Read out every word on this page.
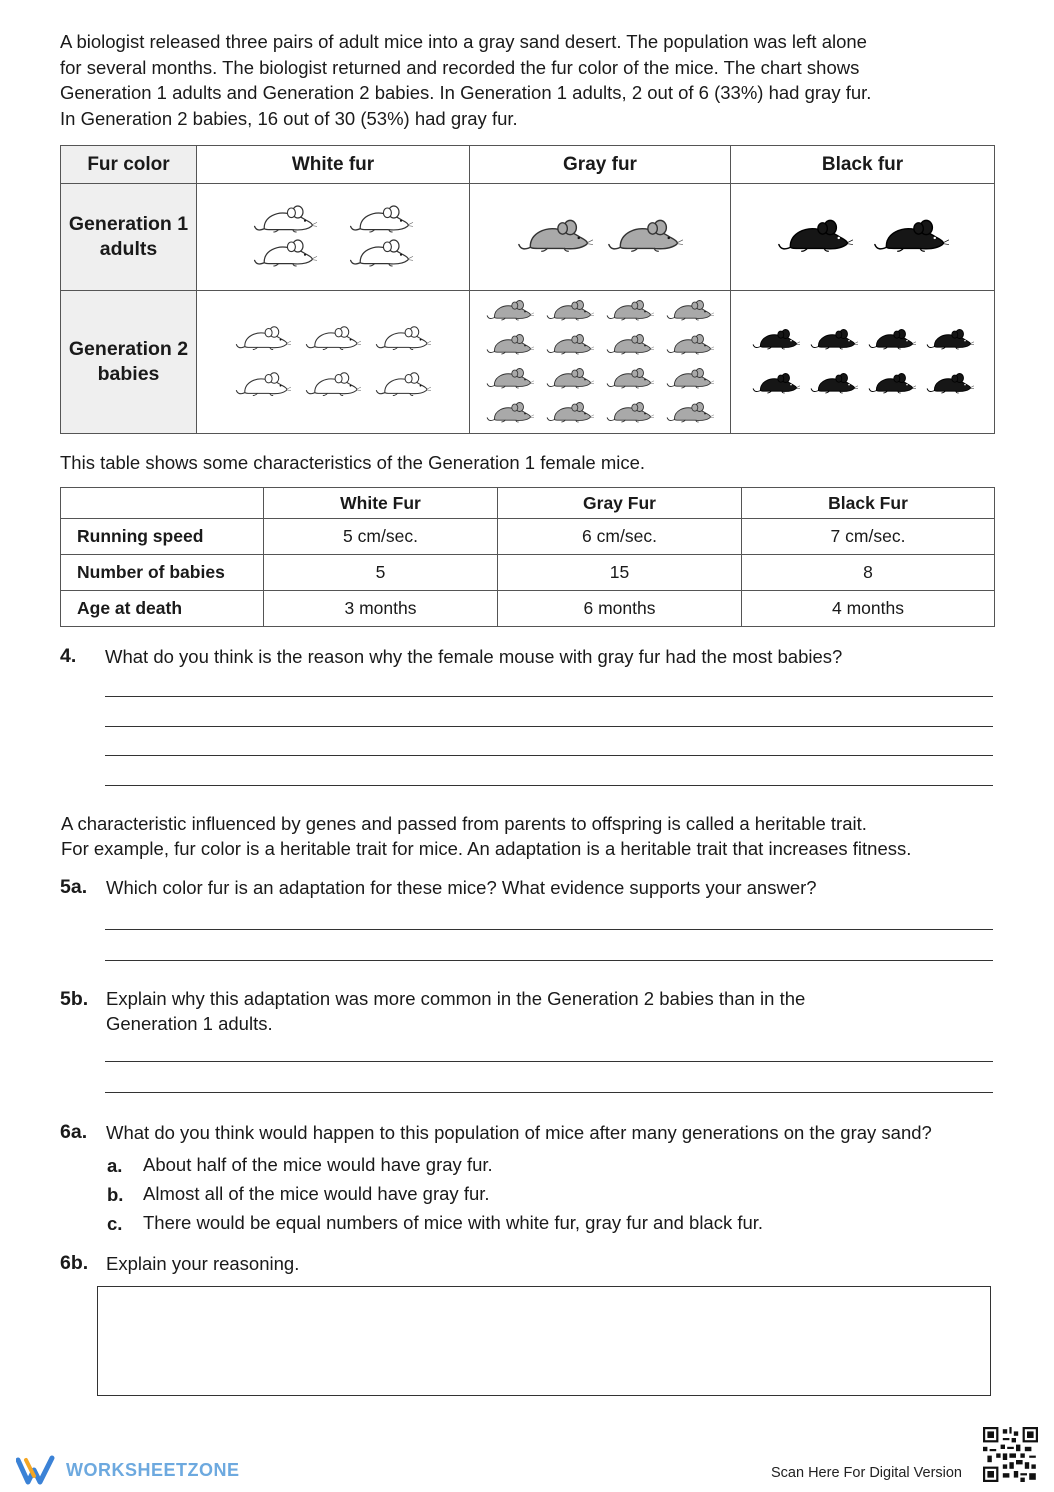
A biologist released three pairs of adult mice into a gray sand desert. The population was left alone
for several months. The biologist returned and recorded the fur color of the mice. The chart shows
Generation 1 adults and Generation 2 babies. In Generation 1 adults, 2 out of 6 (33%) had gray fur.
In Generation 2 babies, 16 out of 30 (53%) had gray fur.
Fur color	White fur	Gray fur	Black fur

Generation 1
adults

Generation 2
babies

This table shows some characteristics of the Generation 1 female mice.
	White Fur	Gray Fur	Black Fur
Running speed	5 cm/sec.	6 cm/sec.	7 cm/sec.
Number of babies	5	15	8
Age at death	3 months	6 months	4 months
4. What do you think is the reason why the female mouse with gray fur had the most babies?
A characteristic influenced by genes and passed from parents to offspring is called a heritable trait.
For example, fur color is a heritable trait for mice. An adaptation is a heritable trait that increases fitness.
5a. Which color fur is an adaptation for these mice? What evidence supports your answer?
5b. Explain why this adaptation was more common in the Generation 2 babies than in the
Generation 1 adults.
6a. What do you think would happen to this population of mice after many generations on the gray sand?
a. About half of the mice would have gray fur.
b. Almost all of the mice would have gray fur.
c. There would be equal numbers of mice with white fur, gray fur and black fur.
6b. Explain your reasoning.
WORKSHEETZONE	Scan Here For Digital Version
